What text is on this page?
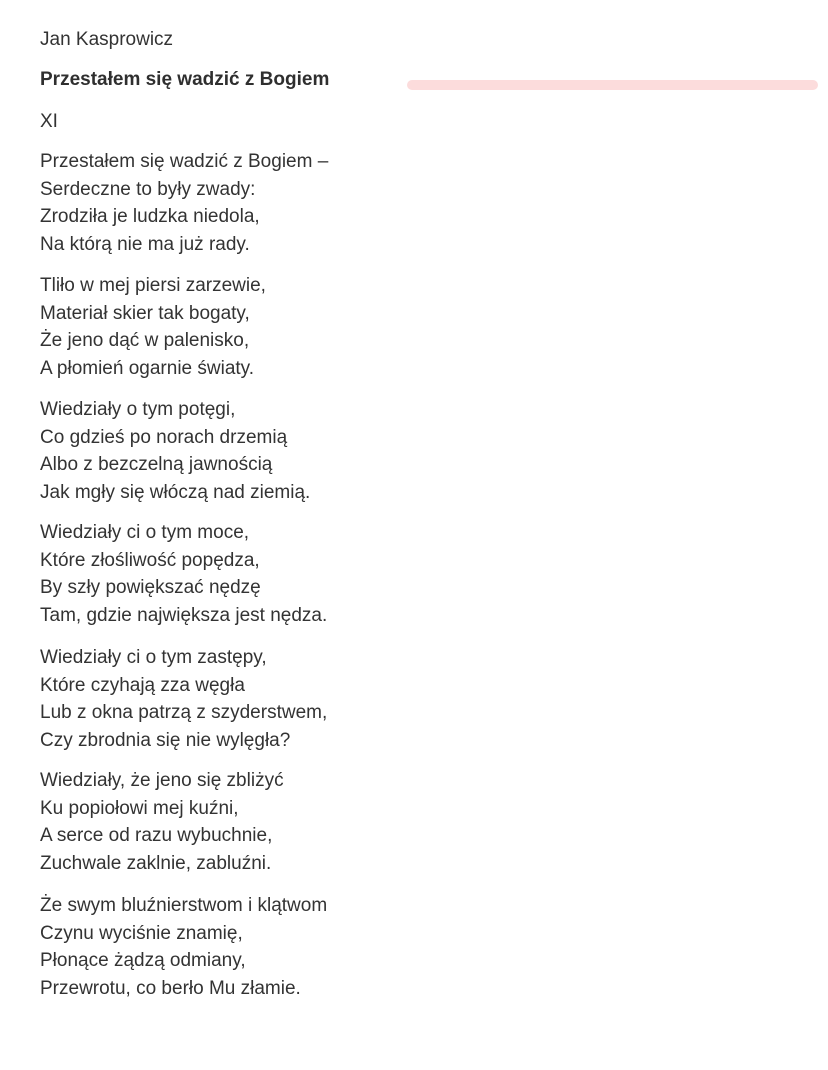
Jan Kasprowicz
Przestałem się wadzić z Bogiem
XI
Przestałem się wadzić z Bogiem –
Serdeczne to były zwady:
Zrodziła je ludzka niedola,
Na którą nie ma już rady.
Tliło w mej piersi zarzewie,
Materiał skier tak bogaty,
Że jeno dąć w palenisko,
A płomień ogarnie światy.
Wiedziały o tym potęgi,
Co gdzieś po norach drzemią
Albo z bezczelną jawnością
Jak mgły się włóczą nad ziemią.
Wiedziały ci o tym moce,
Które złośliwość popędza,
By szły powiększać nędzę
Tam, gdzie największa jest nędza.
Wiedziały ci o tym zastępy,
Które czyhają zza węgła
Lub z okna patrzą z szyderstwem,
Czy zbrodnia się nie wylęgła?
Wiedziały, że jeno się zbliżyć
Ku popiołowi mej kuźni,
A serce od razu wybuchnie,
Zuchwale zaklnie, zabluźni.
Że swym bluźnierstwom i klątwom
Czynu wyciśnie znamię,
Płonące żądzą odmiany,
Przewrotu, co berło Mu złamie.
